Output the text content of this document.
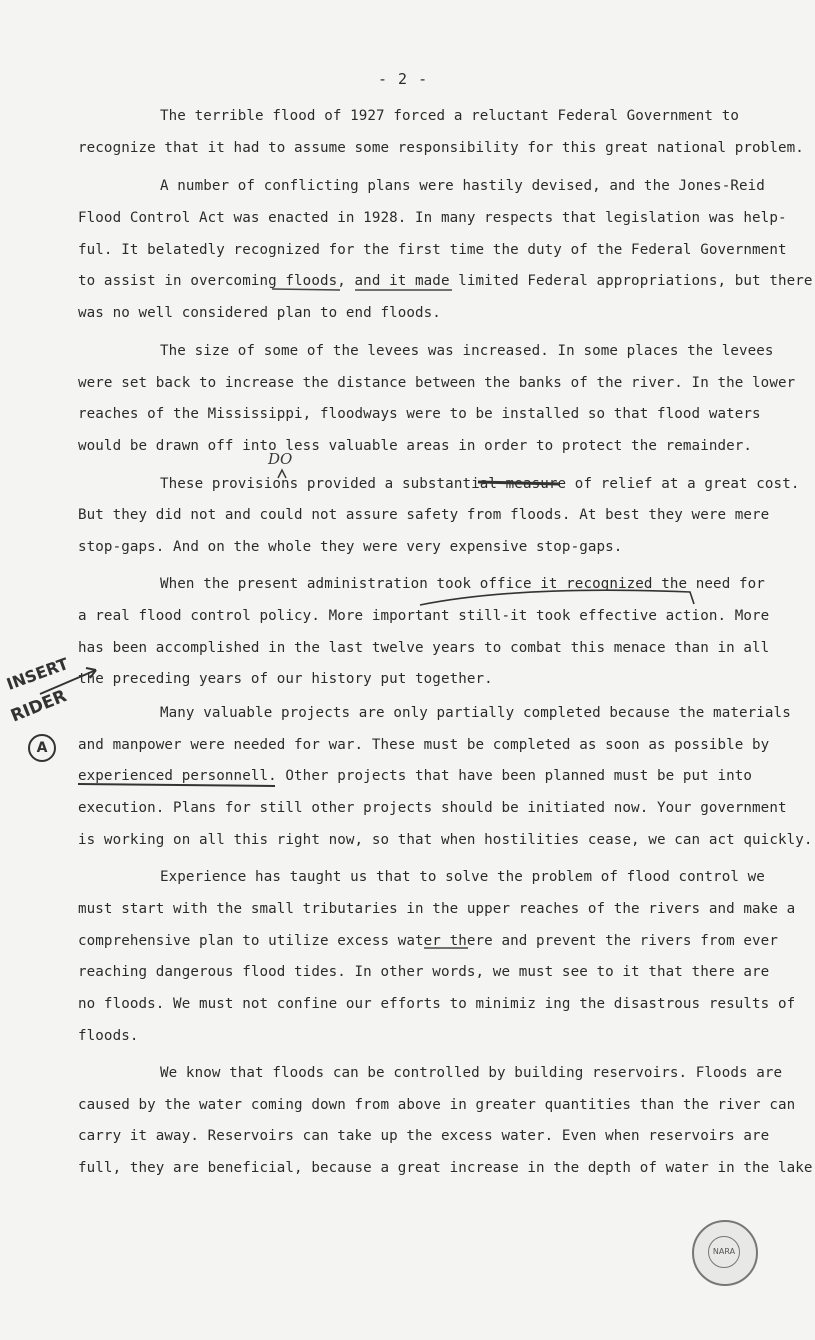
- 2 -
The terrible flood of 1927 forced a reluctant Federal Government to
recognize that it had to assume some responsibility for this great national problem.
A number of conflicting plans were hastily devised, and the Jones-Reid
Flood Control Act was enacted in 1928. In many respects that legislation was help-
ful. It belatedly recognized for the first time the duty of the Federal Government
to assist in overcoming floods, and it made limited Federal appropriations, but there
was no well considered plan to end floods.
The size of some of the levees was increased. In some places the levees
were set back to increase the distance between the banks of the river. In the lower
reaches of the Mississippi, floodways were to be installed so that flood waters
would be drawn off into less valuable areas in order to protect the remainder.
DO
These provisions provided a substantial measure of relief at a great cost.
But they did not and could not assure safety from floods. At best they were mere
stop-gaps. And on the whole they were very expensive stop-gaps.
When the present administration took office it recognized the need for
a real flood control policy. More important still-it took effective action. More
has been accomplished in the last twelve years to combat this menace than in all
the preceding years of our history put together.
INSERT
RIDER
A
Many valuable projects are only partially completed because the materials
and manpower were needed for war. These must be completed as soon as possible by
experienced personnell. Other projects that have been planned must be put into
execution. Plans for still other projects should be initiated now. Your government
is working on all this right now, so that when hostilities cease, we can act quickly.
Experience has taught us that to solve the problem of flood control we
must start with the small tributaries in the upper reaches of the rivers and make a
comprehensive plan to utilize excess water there and prevent the rivers from ever
reaching dangerous flood tides. In other words, we must see to it that there are
no floods. We must not confine our efforts to minimiz ing the disastrous results of
floods.
We know that floods can be controlled by building reservoirs. Floods are
caused by the water coming down from above in greater quantities than the river can
carry it away. Reservoirs can take up the excess water. Even when reservoirs are
full, they are beneficial, because a great increase in the depth of water in the lake
NARA
